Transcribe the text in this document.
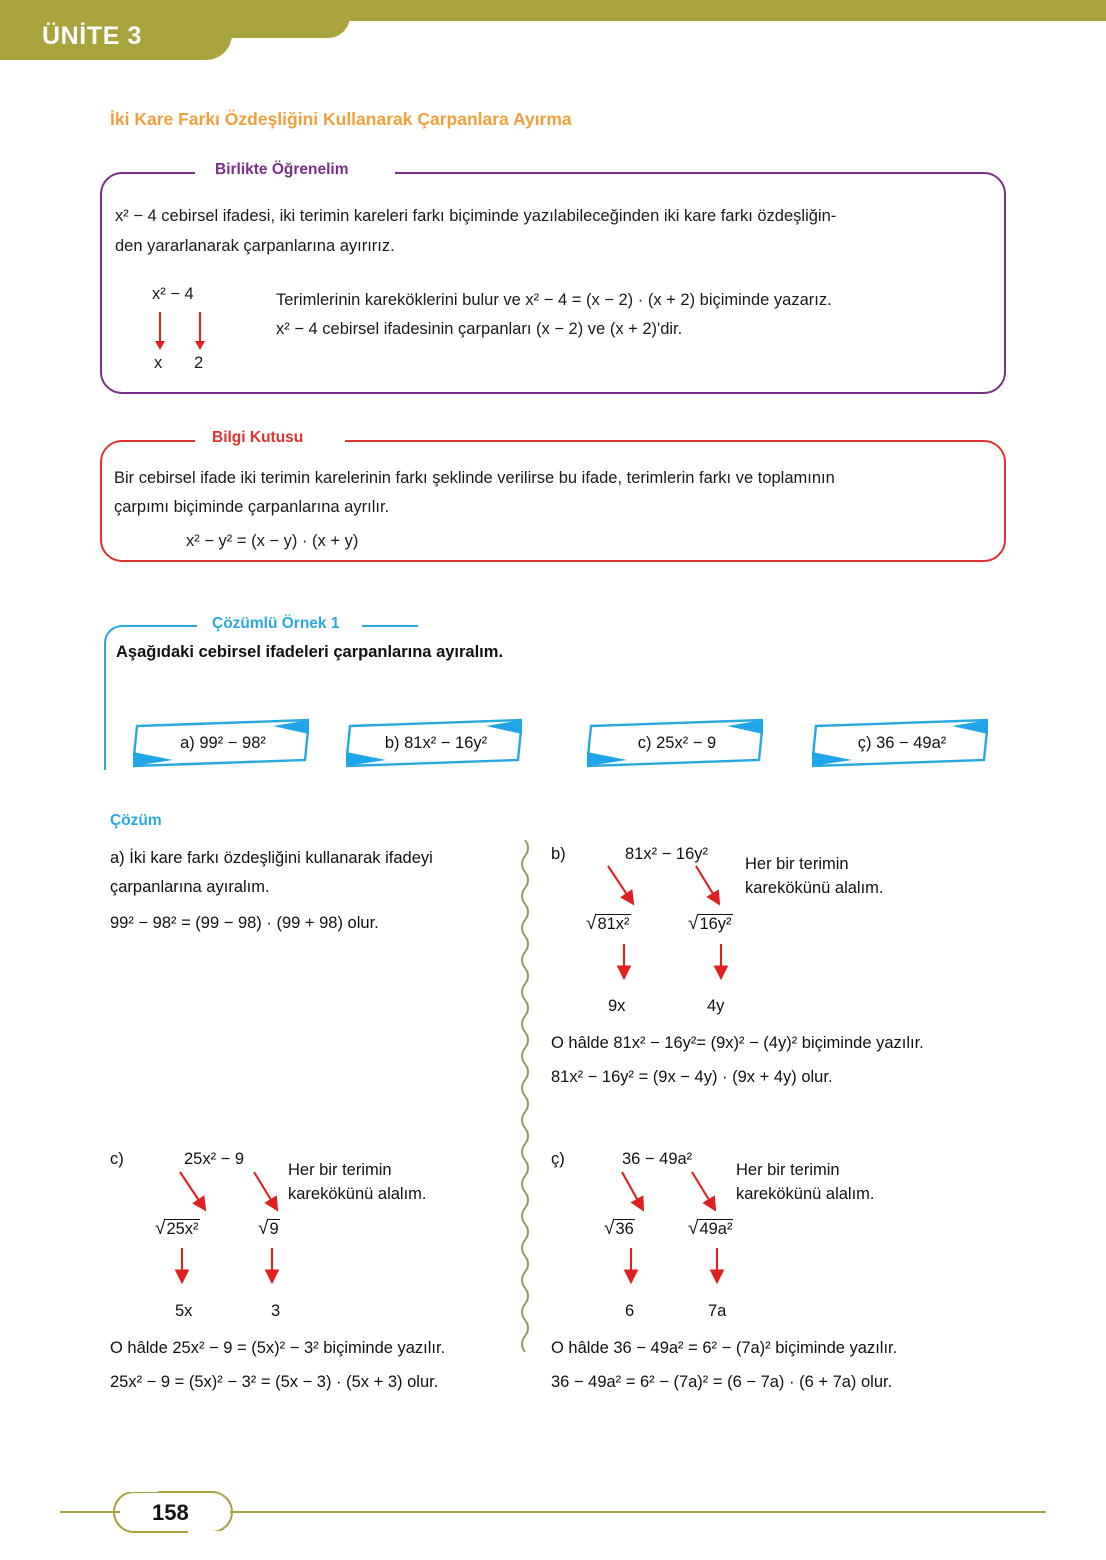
ÜNİTE 3
İki Kare Farkı Özdeşliğini Kullanarak Çarpanlara Ayırma
Birlikte Öğrenelim
x² − 4 cebirsel ifadesi, iki terimin kareleri farkı biçiminde yazılabileceğinden iki kare farkı özdeşliğin-
den yararlanarak çarpanlarına ayırırız.
x² − 4
x 2
Terimlerinin kareköklerini bulur ve x² − 4 = (x − 2) · (x + 2) biçiminde yazarız.
x² − 4 cebirsel ifadesinin çarpanları (x − 2) ve (x + 2)'dir.
Bilgi Kutusu
Bir cebirsel ifade iki terimin karelerinin farkı şeklinde verilirse bu ifade, terimlerin farkı ve toplamının
çarpımı biçiminde çarpanlarına ayrılır.
x² − y² = (x − y) · (x + y)
Çözümlü Örnek 1
Aşağıdaki cebirsel ifadeleri çarpanlarına ayıralım.
a) 99² − 98²	b) 81x² − 16y²	c) 25x² − 9	ç) 36 − 49a²
Çözüm
a) İki kare farkı özdeşliğini kullanarak ifadeyi
çarpanlarına ayıralım.
99² − 98² = (99 − 98) · (99 + 98) olur.
b)	81x² − 16y²
Her bir terimin
karekökünü alalım.
√81x²	√16y²
9x	4y
O hâlde 81x² − 16y²= (9x)² − (4y)² biçiminde yazılır.
81x² − 16y² = (9x − 4y) · (9x + 4y) olur.
c)	25x² − 9
Her bir terimin
karekökünü alalım.
√25x²	√9
5x	3
O hâlde 25x² − 9 = (5x)² − 3² biçiminde yazılır.
25x² − 9 = (5x)² − 3² = (5x − 3) · (5x + 3) olur.
ç)	36 − 49a²
Her bir terimin
karekökünü alalım.
√36	√49a²
6	7a
O hâlde 36 − 49a² = 6² − (7a)² biçiminde yazılır.
36 − 49a² = 6² − (7a)² = (6 − 7a) · (6 + 7a) olur.
158
